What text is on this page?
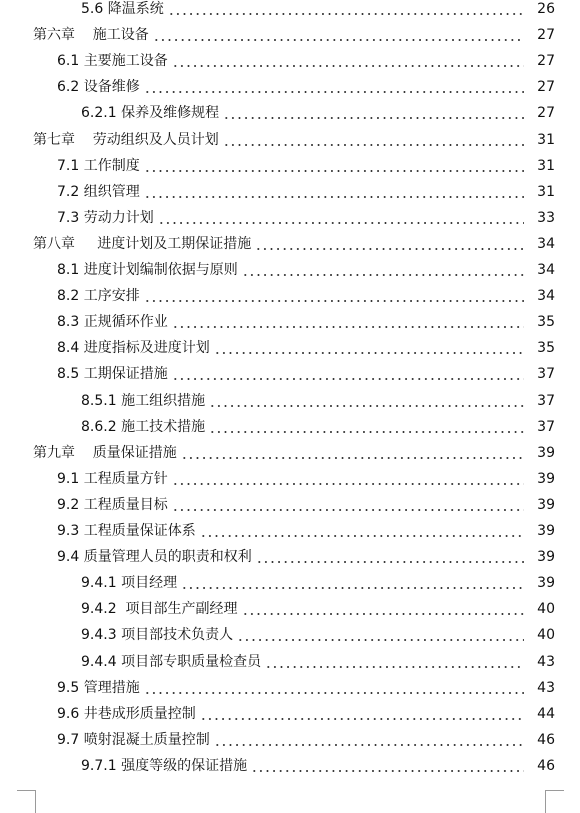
5.6 降温系统	26
第六章    施工设备	27
6.1 主要施工设备	27
6.2 设备维修	27
6.2.1 保养及维修规程	27
第七章    劳动组织及人员计划	31
7.1 工作制度	31
7.2 组织管理	31
7.3 劳动力计划	33
第八章     进度计划及工期保证措施	34
8.1 进度计划编制依据与原则	34
8.2 工序安排	34
8.3 正规循环作业	35
8.4 进度指标及进度计划	35
8.5 工期保证措施	37
8.5.1 施工组织措施	37
8.6.2 施工技术措施	37
第九章    质量保证措施	39
9.1 工程质量方针	39
9.2 工程质量目标	39
9.3 工程质量保证体系	39
9.4 质量管理人员的职责和权利	39
9.4.1 项目经理	39
9.4.2  项目部生产副经理	40
9.4.3 项目部技术负责人	40
9.4.4 项目部专职质量检查员	43
9.5 管理措施	43
9.6 井巷成形质量控制	44
9.7 喷射混凝土质量控制	46
9.7.1 强度等级的保证措施	46
